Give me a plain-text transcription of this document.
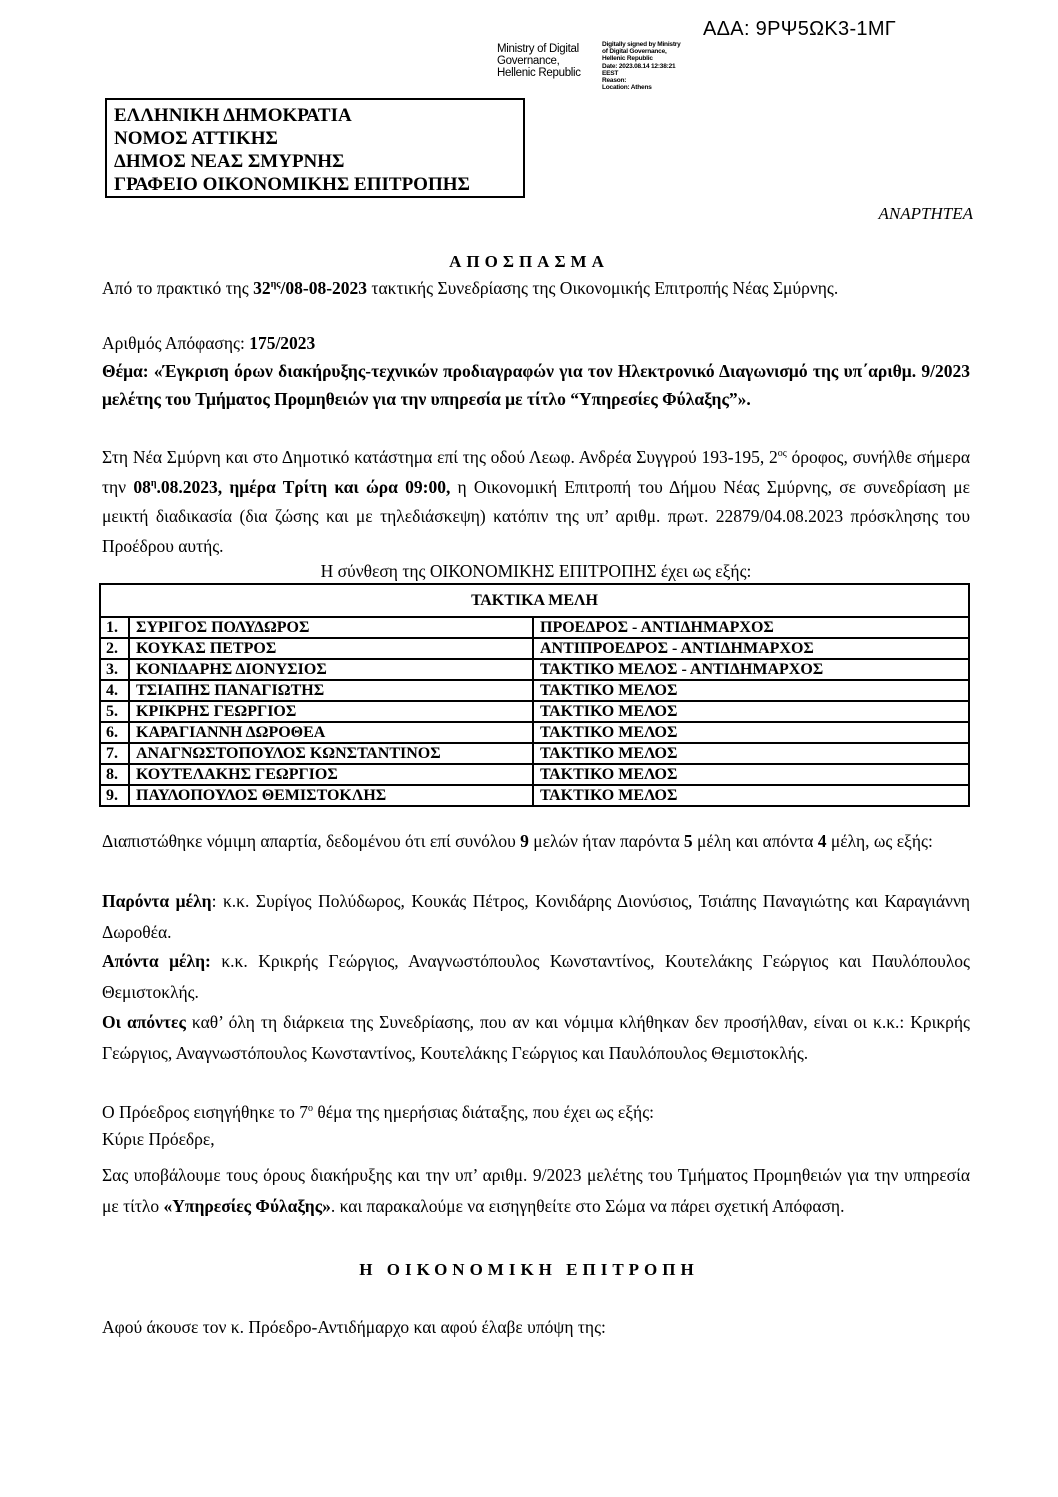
ΑΔΑ: 9ΡΨ5ΩΚ3-1ΜΓ
Ministry of Digital
Governance,
Hellenic Republic
Digitally signed by Ministry
of Digital Governance,
Hellenic Republic
Date: 2023.08.14 12:38:21
EEST
Reason:
Location: Athens
ΕΛΛΗΝΙΚΗ ΔΗΜΟΚΡΑΤΙΑ
ΝΟΜΟΣ ΑΤΤΙΚΗΣ
ΔΗΜΟΣ ΝΕΑΣ ΣΜΥΡΝΗΣ
ΓΡΑΦΕΙΟ ΟΙΚΟΝΟΜΙΚΗΣ ΕΠΙΤΡΟΠΗΣ
ΑΝΑΡΤΗΤΕΑ
ΑΠΟΣΠΑΣΜΑ
Από το πρακτικό της $32^{\eta\varsigma}/08-08-2023$ τακτικής Συνεδρίασης της Οικονομικής Επιτροπής Νέας Σμύρνης.
Αριθμός Απόφασης: 175/2023
Θέμα: «Έγκριση όρων διακήρυξης-τεχνικών προδιαγραφών για τον Ηλεκτρονικό Διαγωνισμό της υπ΄αριθμ. 9/2023 μελέτης του Τμήματος Προμηθειών για την υπηρεσία με τίτλο “Υπηρεσίες Φύλαξης”».
Στη Νέα Σμύρνη και στο Δημοτικό κατάστημα επί της οδού Λεωφ. Ανδρέα Συγγρού 193-195, $2^{o\varsigma}$ όροφος, συνήλθε σήμερα την $08^\eta.08.2023$, ημέρα Τρίτη και ώρα 09:00, η Οικονομική Επιτροπή του Δήμου Νέας Σμύρνης, σε συνεδρίαση με μεικτή διαδικασία (δια ζώσης και με τηλεδιάσκεψη) κατόπιν της υπ’ αριθμ. πρωτ. 22879/04.08.2023 πρόσκλησης του Προέδρου αυτής.
Η σύνθεση της ΟΙΚΟΝΟΜΙΚΗΣ ΕΠΙΤΡΟΠΗΣ έχει ως εξής:
ΤΑΚΤΙΚΑ ΜΕΛΗ		
1.	ΣΥΡΙΓΟΣ ΠΟΛΥΔΩΡΟΣ	ΠΡΟΕΔΡΟΣ - ΑΝΤΙΔΗΜΑΡΧΟΣ
2.	ΚΟΥΚΑΣ ΠΕΤΡΟΣ	ΑΝΤΙΠΡΟΕΔΡΟΣ - ΑΝΤΙΔΗΜΑΡΧΟΣ
3.	ΚΟΝΙΔΑΡΗΣ ΔΙΟΝΥΣΙΟΣ	ΤΑΚΤΙΚΟ ΜΕΛΟΣ - ΑΝΤΙΔΗΜΑΡΧΟΣ
4.	ΤΣΙΑΠΗΣ ΠΑΝΑΓΙΩΤΗΣ	ΤΑΚΤΙΚΟ ΜΕΛΟΣ
5.	ΚΡΙΚΡΗΣ ΓΕΩΡΓΙΟΣ	ΤΑΚΤΙΚΟ ΜΕΛΟΣ
6.	ΚΑΡΑΓΙΑΝΝΗ ΔΩΡΟΘΕΑ	ΤΑΚΤΙΚΟ ΜΕΛΟΣ
7.	ΑΝΑΓΝΩΣΤΟΠΟΥΛΟΣ ΚΩΝΣΤΑΝΤΙΝΟΣ	ΤΑΚΤΙΚΟ ΜΕΛΟΣ
8.	ΚΟΥΤΕΛΑΚΗΣ ΓΕΩΡΓΙΟΣ	ΤΑΚΤΙΚΟ ΜΕΛΟΣ
9.	ΠΑΥΛΟΠΟΥΛΟΣ ΘΕΜΙΣΤΟΚΛΗΣ	ΤΑΚΤΙΚΟ ΜΕΛΟΣ
Διαπιστώθηκε νόμιμη απαρτία, δεδομένου ότι επί συνόλου 9 μελών ήταν παρόντα 5 μέλη και απόντα 4 μέλη, ως εξής:
Παρόντα μέλη: κ.κ. Συρίγος Πολύδωρος, Κουκάς Πέτρος, Κονιδάρης Διονύσιος, Τσιάπης Παναγιώτης και Καραγιάννη Δωροθέα.
Απόντα μέλη: κ.κ. Κρικρής Γεώργιος, Αναγνωστόπουλος Κωνσταντίνος, Κουτελάκης Γεώργιος και Παυλόπουλος Θεμιστοκλής.
Οι απόντες καθ’ όλη τη διάρκεια της Συνεδρίασης, που αν και νόμιμα κλήθηκαν δεν προσήλθαν, είναι οι κ.κ.: Κρικρής Γεώργιος, Αναγνωστόπουλος Κωνσταντίνος, Κουτελάκης Γεώργιος και Παυλόπουλος Θεμιστοκλής.
Ο Πρόεδρος εισηγήθηκε το $7^o$ θέμα της ημερήσιας διάταξης, που έχει ως εξής:
Κύριε Πρόεδρε,
Σας υποβάλουμε τους όρους διακήρυξης και την υπ’ αριθμ. 9/2023 μελέτης του Τμήματος Προμηθειών για την υπηρεσία με τίτλο «Υπηρεσίες Φύλαξης». και παρακαλούμε να εισηγηθείτε στο Σώμα να πάρει σχετική Απόφαση.
Η ΟΙΚΟΝΟΜΙΚΗ ΕΠΙΤΡΟΠΗ
Αφού άκουσε τον κ. Πρόεδρο-Αντιδήμαρχο και αφού έλαβε υπόψη της:
